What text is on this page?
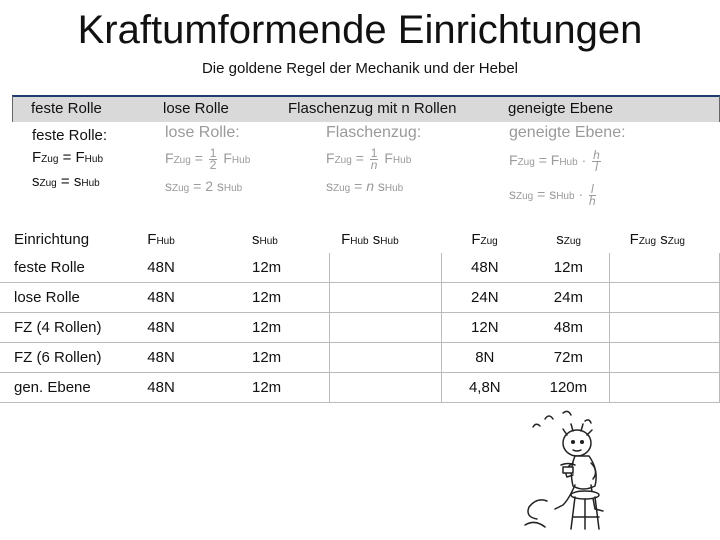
Kraftumformende Einrichtungen
Die goldene Regel der Mechanik und der Hebel
feste Rolle	lose Rolle	Flaschenzug mit n Rollen	geneigte Ebene
feste Rolle:
FZug = FHub
sZug = sHub
lose Rolle:
FZug = $\frac{1}{2}$ FHub
sZug = 2 sHub
Flaschenzug:
FZug = $\frac{1}{n}$ FHub
sZug = n sHub
geneigte Ebene:
FZug = FHub · $\frac{h}{l}$
sZug = sHub · $\frac{l}{h}$
Einrichtung	FHub	sHub	FHub sHub	FZug	sZug	FZug sZug
feste Rolle	48N	12m		48N	12m	
lose Rolle	48N	12m		24N	24m	
FZ (4 Rollen)	48N	12m		12N	48m	
FZ (6 Rollen)	48N	12m		8N	72m	
gen. Ebene	48N	12m		4,8N	120m	
